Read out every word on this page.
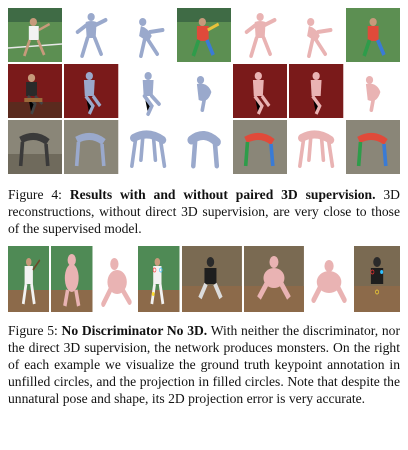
Figure 4: Results with and without paired 3D supervision. 3D reconstructions, without direct 3D supervision, are very close to those of the supervised model.
Figure 5: No Discriminator No 3D. With neither the discriminator, nor the direct 3D supervision, the network produces monsters. On the right of each example we visualize the ground truth keypoint annotation in unfilled circles, and the projection in filled circles. Note that despite the unnatural pose and shape, its 2D projection error is very accurate.
